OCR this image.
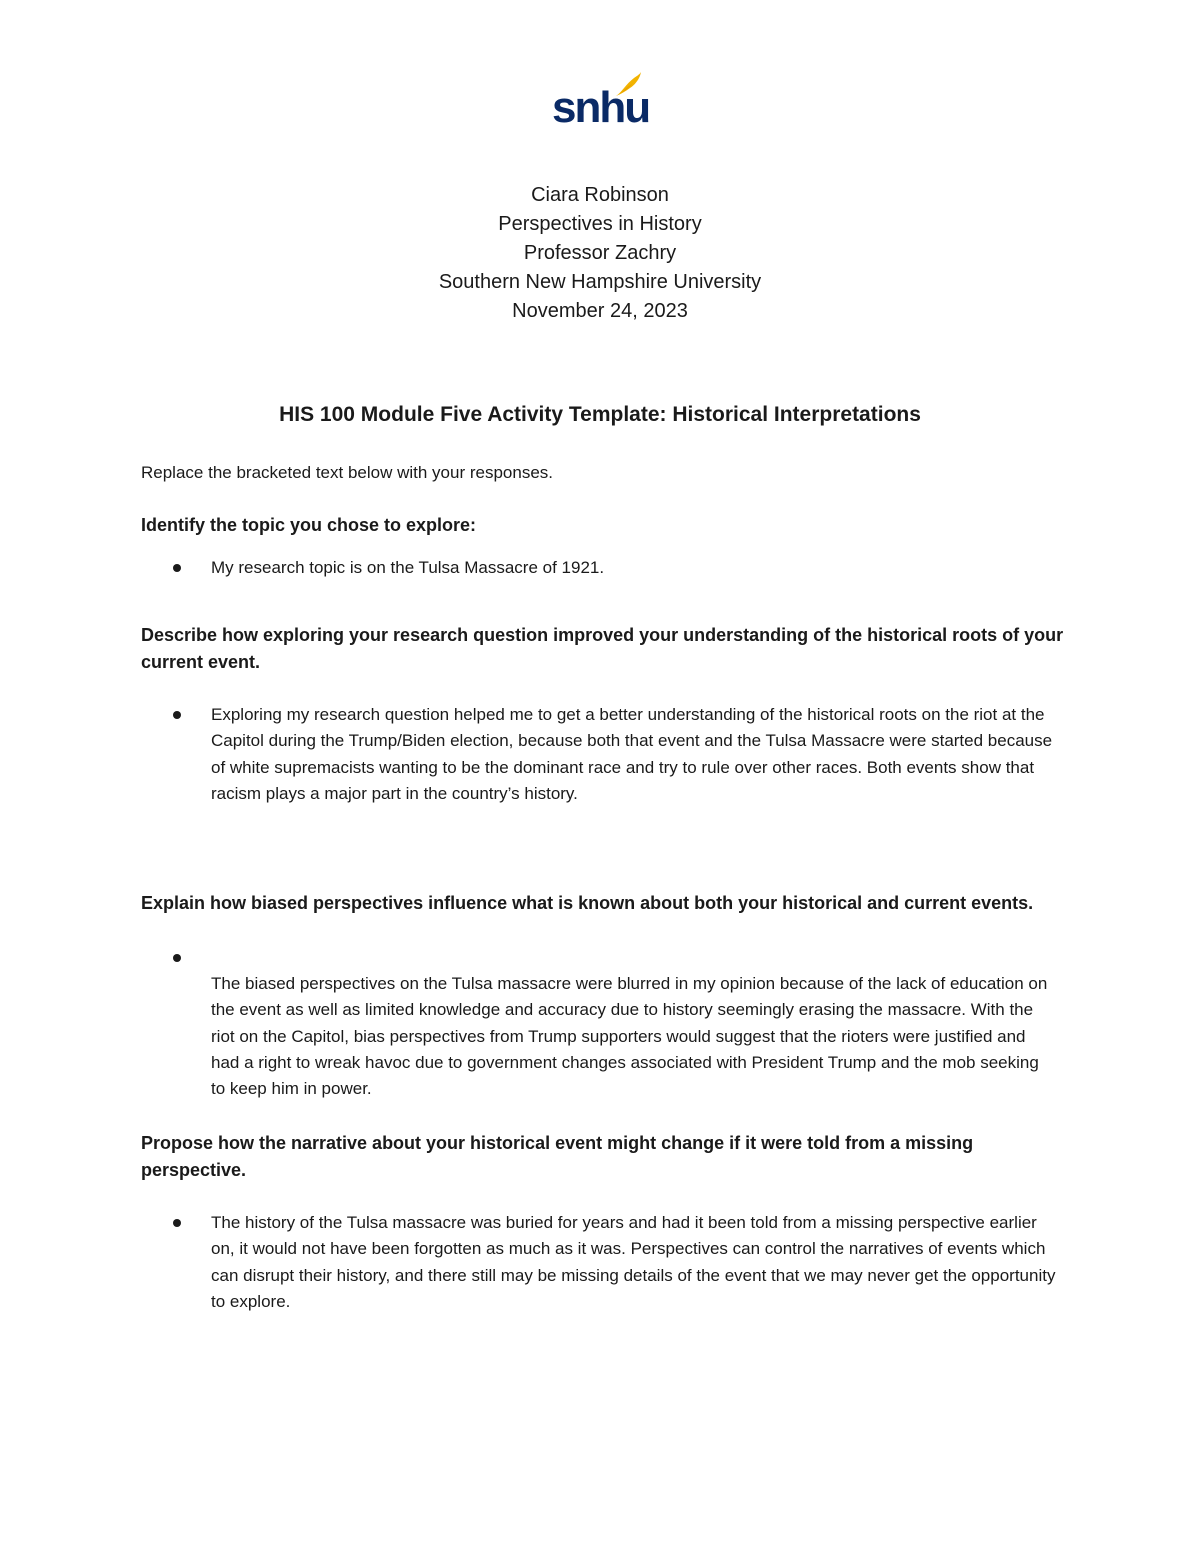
snhu
Ciara Robinson
Perspectives in History
Professor Zachry
Southern New Hampshire University
November 24, 2023
HIS 100 Module Five Activity Template: Historical Interpretations
Replace the bracketed text below with your responses.
Identify the topic you chose to explore:
My research topic is on the Tulsa Massacre of 1921.
Describe how exploring your research question improved your understanding of the historical roots of your current event.
Exploring my research question helped me to get a better understanding of the historical roots on the riot at the Capitol during the Trump/Biden election, because both that event and the Tulsa Massacre were started because of white supremacists wanting to be the dominant race and try to rule over other races. Both events show that racism plays a major part in the country’s history.
Explain how biased perspectives influence what is known about both your historical and current events.
The biased perspectives on the Tulsa massacre were blurred in my opinion because of the lack of education on the event as well as limited knowledge and accuracy due to history seemingly erasing the massacre. With the riot on the Capitol, bias perspectives from Trump supporters would suggest that the rioters were justified and had a right to wreak havoc due to government changes associated with President Trump and the mob seeking to keep him in power.
Propose how the narrative about your historical event might change if it were told from a missing perspective.
The history of the Tulsa massacre was buried for years and had it been told from a missing perspective earlier on, it would not have been forgotten as much as it was. Perspectives can control the narratives of events which can disrupt their history, and there still may be missing details of the event that we may never get the opportunity to explore.
